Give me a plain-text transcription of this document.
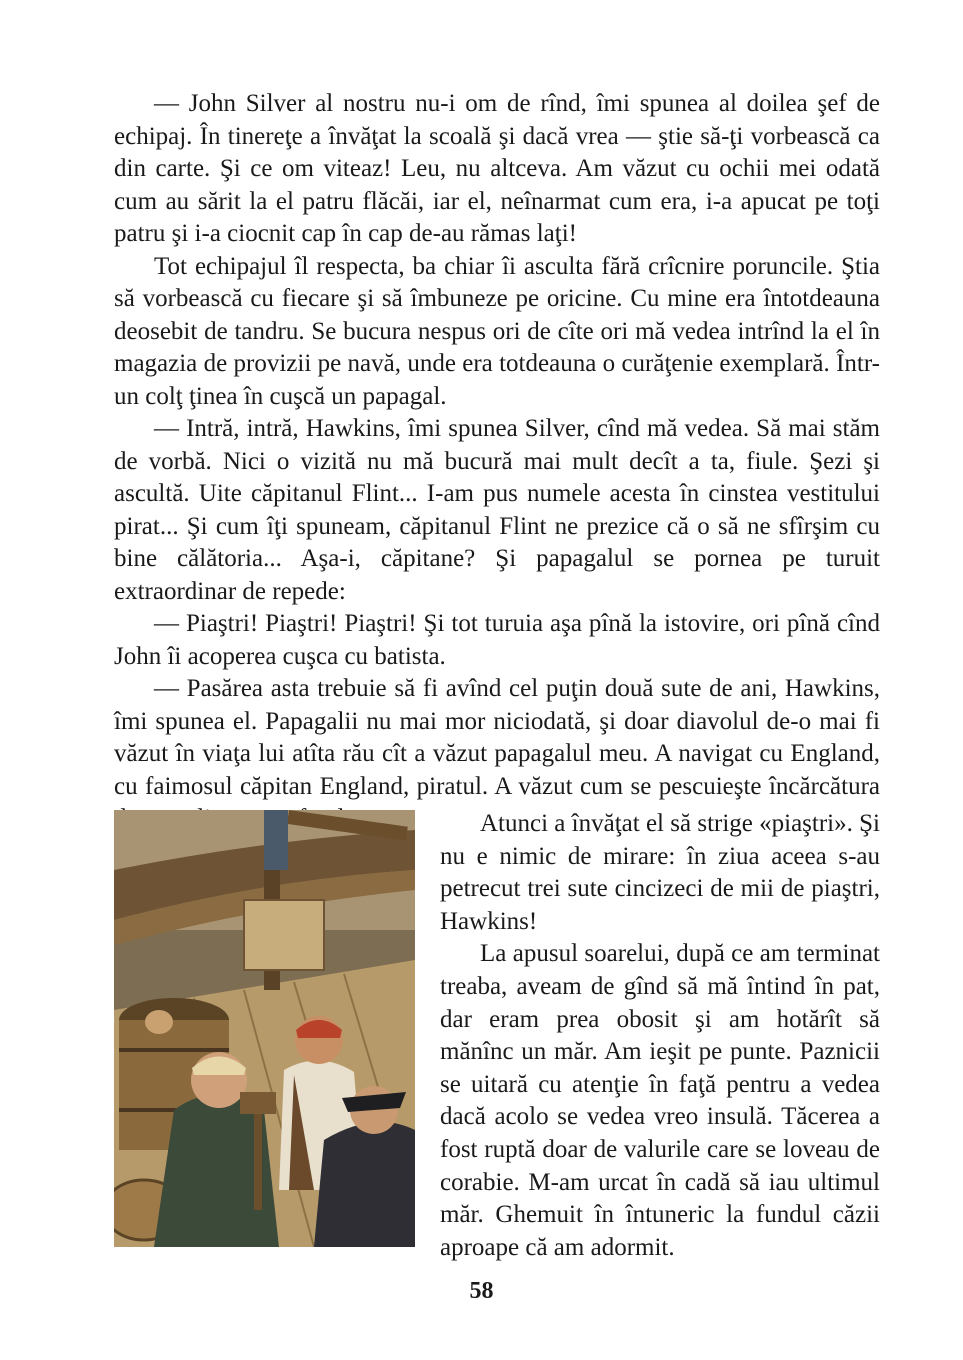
— John Silver al nostru nu-i om de rînd, îmi spunea al doilea şef de echipaj. În tinereţe a învăţat la scoală şi dacă vrea — ştie să-ţi vorbească ca din carte. Şi ce om viteaz! Leu, nu altceva. Am văzut cu ochii mei odată cum au sărit la el patru flăcăi, iar el, neînarmat cum era, i-a apucat pe toţi patru şi i-a ciocnit cap în cap de-au rămas laţi!

Tot echipajul îl respecta, ba chiar îi asculta fără crîcnire poruncile. Ştia să vorbească cu fiecare şi să îmbuneze pe oricine. Cu mine era întotdeauna deosebit de tandru. Se bucura nespus ori de cîte ori mă vedea intrînd la el în magazia de provizii pe navă, unde era totdeauna o curăţenie exemplară. Într-un colţ ţinea în cuşcă un papagal.

— Intră, intră, Hawkins, îmi spunea Silver, cînd mă vedea. Să mai stăm de vorbă. Nici o vizită nu mă bucură mai mult decît a ta, fiule. Şezi şi ascultă. Uite căpitanul Flint... I-am pus numele acesta în cinstea vestitului pirat... Şi cum îţi spuneam, căpitanul Flint ne prezice că o să ne sfîrşim cu bine călătoria... Aşa-i, căpitane? Şi papagalul se pornea pe turuit extraordinar de repede:

— Piaştri! Piaştri! Piaştri! Şi tot turuia aşa pînă la istovire, ori pînă cînd John îi acoperea cuşca cu batista.

— Pasărea asta trebuie să fi avînd cel puţin două sute de ani, Hawkins, îmi spunea el. Papagalii nu mai mor niciodată, şi doar diavolul de-o mai fi văzut în viaţa lui atîta rău cît a văzut papagalul meu. A navigat cu England, cu faimosul căpitan England, piratul. A văzut cum se pescuieşte încărcătura

Atunci a învăţat el să strige «piaştri». Şi nu e nimic de mirare: în ziua aceea s-au petrecut trei sute cincizeci de mii de piaştri, Hawkins!

La apusul soarelui, după ce am terminat treaba, aveam de gînd să mă întind în pat, dar eram prea obosit şi am hotărît să mănînc un măr. Am ieşit pe punte. Paznicii se uitară cu atenţie în faţă pentru a vedea dacă acolo se vedea vreo insulă. Tăcerea a fost ruptă doar de valurile care se loveau de corabie. M-am urcat în cadă să iau ultimul măr. Ghemuit în întuneric la fundul căzii aproape că am adormit.

58
